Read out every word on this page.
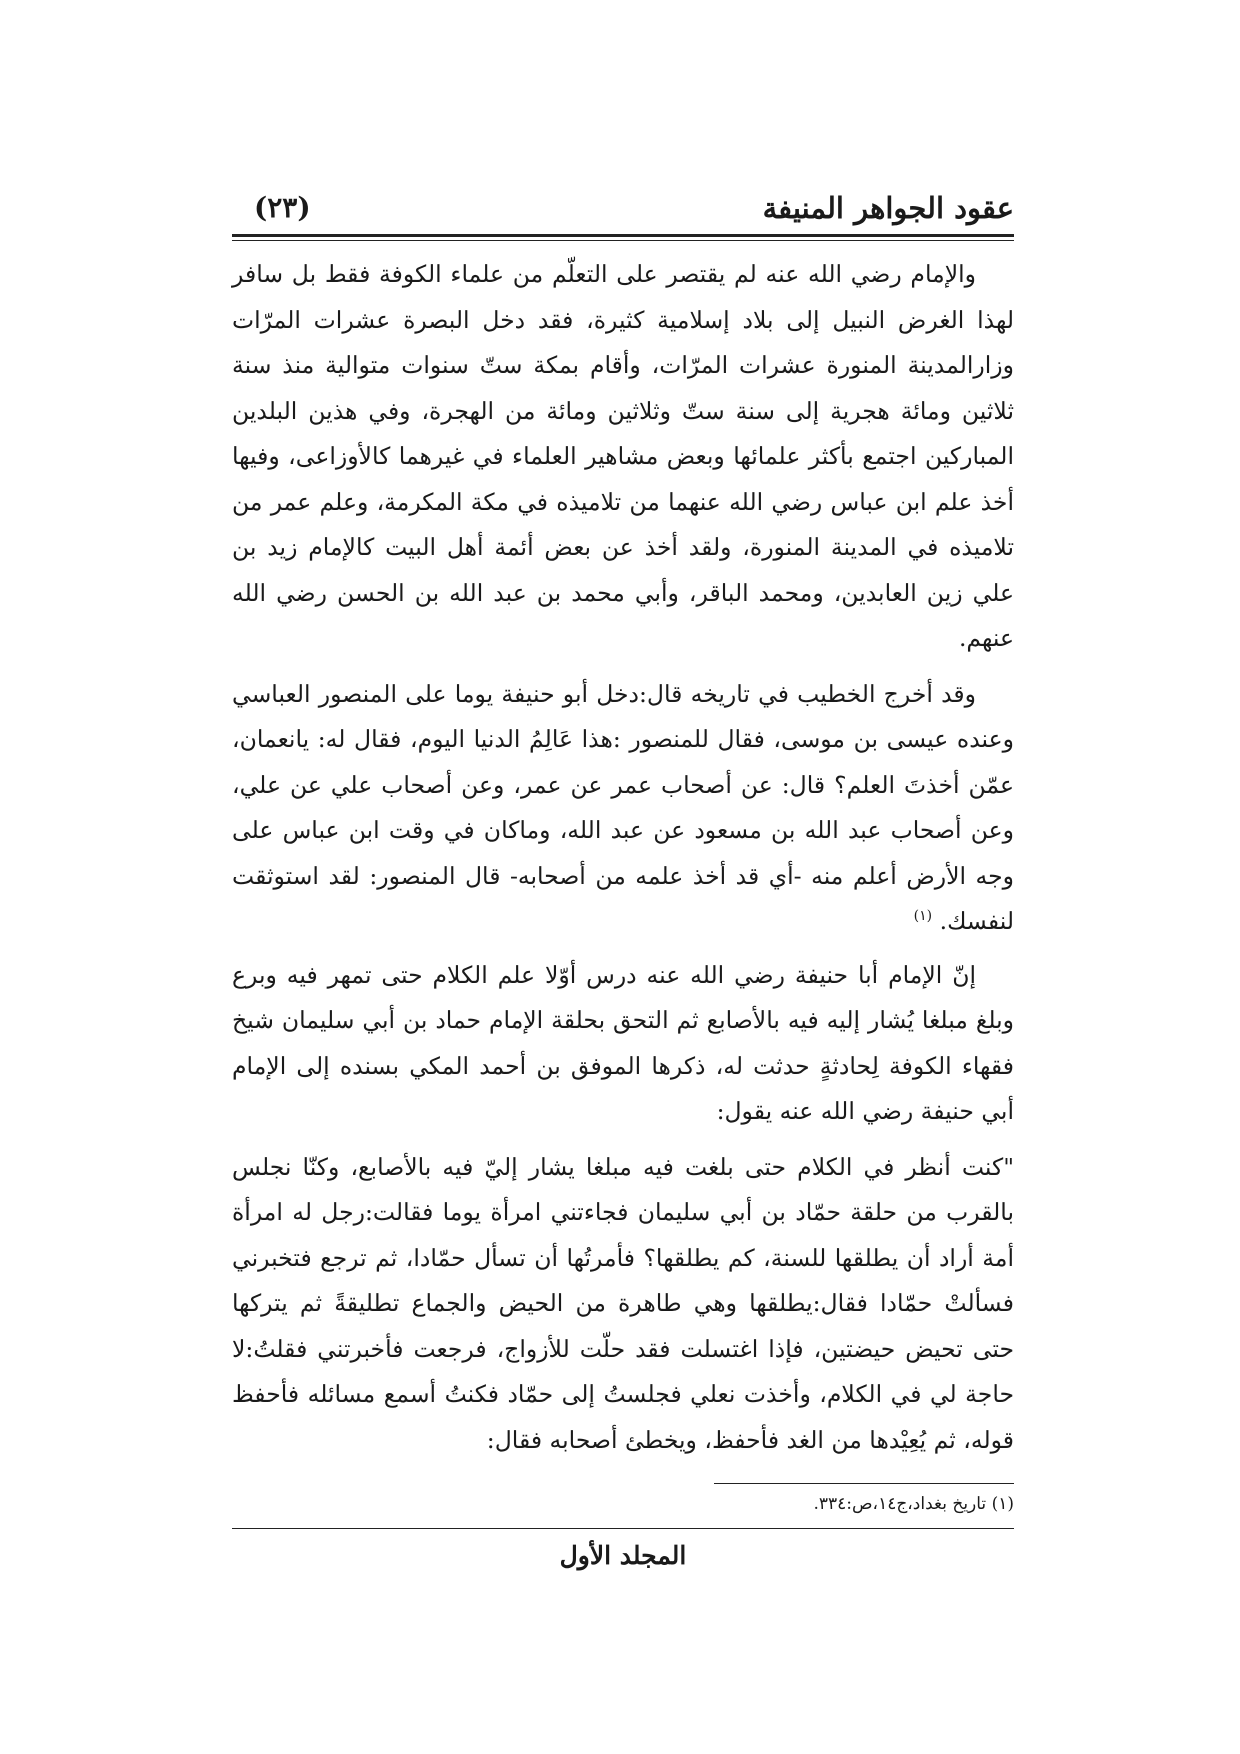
عقود الجواهر المنيفة
(٢٣)

والإمام رضي الله عنه لم يقتصر على التعلّم من علماء الكوفة فقط بل سافر لهذا الغرض النبيل إلى بلاد إسلامية كثيرة، فقد دخل البصرة عشرات المرّات وزارالمدينة المنورة عشرات المرّات، وأقام بمكة ستّ سنوات متوالية منذ سنة ثلاثين ومائة هجرية إلى سنة ستّ وثلاثين ومائة من الهجرة، وفي هذين البلدين المباركين اجتمع بأكثر علمائها وبعض مشاهير العلماء في غيرهما كالأوزاعى، وفيها أخذ علم ابن عباس رضي الله عنهما من تلاميذه في مكة المكرمة، وعلم عمر من تلاميذه في المدينة المنورة، ولقد أخذ عن بعض أئمة أهل البيت كالإمام زيد بن علي زين العابدين، ومحمد الباقر، وأبي محمد بن عبد الله بن الحسن رضي الله عنهم.

وقد أخرج الخطيب في تاريخه قال:دخل أبو حنيفة يوما على المنصور العباسي وعنده عيسى بن موسى، فقال للمنصور :هذا عَالِمُ الدنيا اليوم، فقال له: يانعمان، عمّن أخذتَ العلم؟ قال: عن أصحاب عمر عن عمر، وعن أصحاب علي عن علي، وعن أصحاب عبد الله بن مسعود عن عبد الله، وماكان في وقت ابن عباس على وجه الأرض أعلم منه -أي قد أخذ علمه من أصحابه- قال المنصور: لقد استوثقت لنفسك. $^{(١)}$

إنّ الإمام أبا حنيفة رضي الله عنه درس أوّلا علم الكلام حتى تمهر فيه وبرع وبلغ مبلغا يُشار إليه فيه بالأصابع ثم التحق بحلقة الإمام حماد بن أبي سليمان شيخ فقهاء الكوفة لِحادثةٍ حدثت له، ذكرها الموفق بن أحمد المكي بسنده إلى الإمام أبي حنيفة رضي الله عنه يقول:

"كنت أنظر في الكلام حتى بلغت فيه مبلغا يشار إليّ فيه بالأصابع، وكنّا نجلس بالقرب من حلقة حمّاد بن أبي سليمان فجاءتني امرأة يوما فقالت:رجل له امرأة أمة أراد أن يطلقها للسنة، كم يطلقها؟ فأمرتُها أن تسأل حمّادا، ثم ترجع فتخبرني فسألتْ حمّادا فقال:يطلقها وهي طاهرة من الحيض والجماع تطليقةً ثم يتركها حتى تحيض حيضتين، فإذا اغتسلت فقد حلّت للأزواج، فرجعت فأخبرتني فقلتُ:لا حاجة لي في الكلام، وأخذت نعلي فجلستُ إلى حمّاد فكنتُ أسمع مسائله فأحفظ قوله، ثم يُعِيْدها من الغد فأحفظ، ويخطئ أصحابه فقال:

(١) تاريخ بغداد،ج١٤،ص:٣٣٤.
المجلد الأول
